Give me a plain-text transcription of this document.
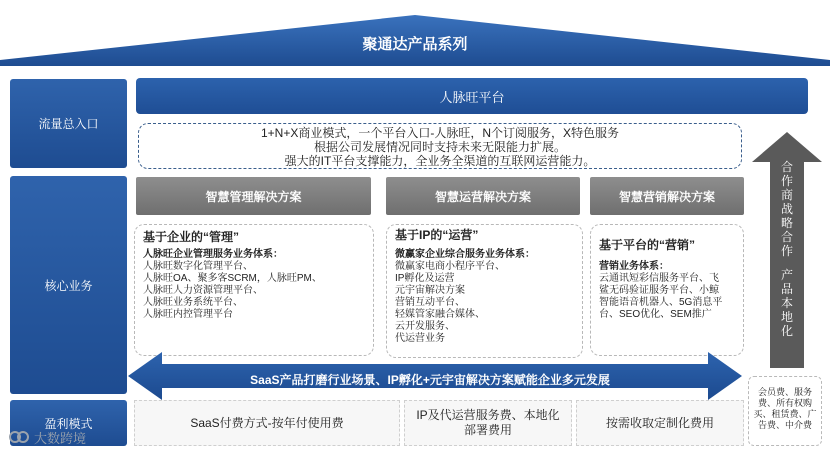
聚通达产品系列
流量总入口
核心业务
盈利模式
人脉旺平台
1+N+X商业模式，一个平台入口-人脉旺，N个订阅服务，X特色服务
根据公司发展情况同时支持未来无限能力扩展。
强大的IT平台支撑能力，全业务全渠道的互联网运营能力。
智慧管理解决方案	智慧运营解决方案	智慧营销解决方案
基于企业的“管理”
人脉旺企业管理服务业务体系：
人脉旺数字化管理平台、
人脉旺OA、聚多客SCRM，人脉旺PM、
人脉旺人力资源管理平台、
人脉旺业务系统平台、
人脉旺内控管理平台
基于IP的“运营”
微赢家企业综合服务业务体系：
微赢家电商小程序平台、
IP孵化及运营
元宇宙解决方案
营销互动平台、
轻媒管家融合媒体、
云开发服务、
代运营业务
基于平台的“营销”
营销业务体系：
云通讯短彩信服务平台、飞
鲨无码验证服务平台、小鲸
智能语音机器人、5G消息平
台、SEO优化、SEM推广
合
作
商
战
略
合
作
产
品
本
地
化
SaaS产品打磨行业场景、IP孵化+元宇宙解决方案赋能企业多元发展
SaaS付费方式-按年付使用费
IP及代运营服务费、本地化
部署费用
按需收取定制化费用
会员费、服务费、所有权购买、租赁费、广告费、中介费
大数跨境
